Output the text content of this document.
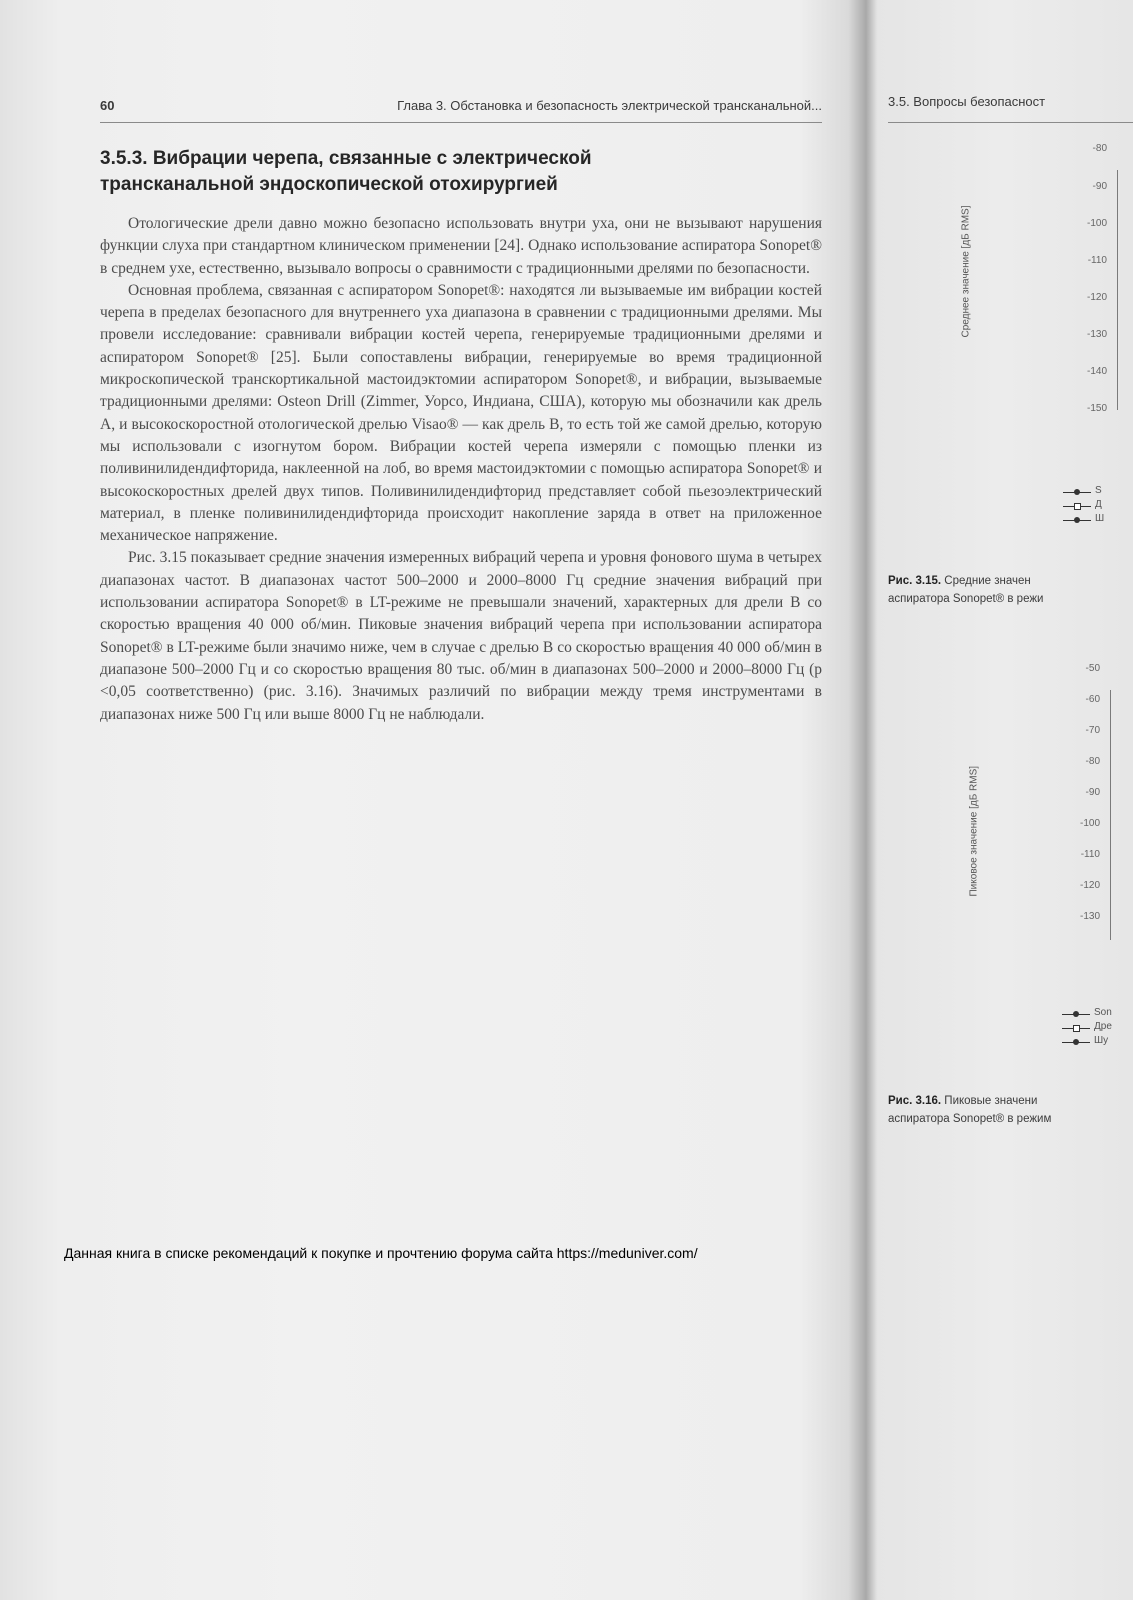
60	Глава 3. Обстановка и безопасность электрической трансканальной...
3.5.3. Вибрации черепа, связанные с электрической
трансканальной эндоскопической отохирургией

Отологические дрели давно можно безопасно использовать внутри уха, они не вызывают нарушения функции слуха при стандартном клиническом применении [24]. Однако использование аспиратора Sonopet® в среднем ухе, естественно, вызывало вопросы о сравнимости с традиционными дрелями по безопасности.

Основная проблема, связанная с аспиратором Sonopet®: находятся ли вызываемые им вибрации костей черепа в пределах безопасного для внутреннего уха диапазона в сравнении с традиционными дрелями. Мы провели исследование: сравнивали вибрации костей черепа, генерируемые традиционными дрелями и аспиратором Sonopet® [25]. Были сопоставлены вибрации, генерируемые во время традиционной микроскопической транскортикальной мастоидэктомии аспиратором Sonopet®, и вибрации, вызываемые традиционными дрелями: Osteon Drill (Zimmer, Уорсо, Индиана, США), которую мы обозначили как дрель A, и высокоскоростной отологической дрелью Visao® — как дрель B, то есть той же самой дрелью, которую мы использовали с изогнутом бором. Вибрации костей черепа измеряли с помощью пленки из поливинилидендифторида, наклеенной на лоб, во время мастоидэктомии с помощью аспиратора Sonopet® и высокоскоростных дрелей двух типов. Поливинилидендифторид представляет собой пьезоэлектрический материал, в пленке поливинилидендифторида происходит накопление заряда в ответ на приложенное механическое напряжение.

Рис. 3.15 показывает средние значения измеренных вибраций черепа и уровня фонового шума в четырех диапазонах частот. В диапазонах частот 500–2000 и 2000–8000 Гц средние значения вибраций при использовании аспиратора Sonopet® в LT-режиме не превышали значений, характерных для дрели B со скоростью вращения 40 000 об/мин. Пиковые значения вибраций черепа при использовании аспиратора Sonopet® в LT-режиме были значимо ниже, чем в случае с дрелью B со скоростью вращения 40 000 об/мин в диапазоне 500–2000 Гц и со скоростью вращения 80 тыс. об/мин в диапазонах 500–2000 и 2000–8000 Гц (p <0,05 соответственно) (рис. 3.16). Значимых различий по вибрации между тремя инструментами в диапазонах ниже 500 Гц или выше 8000 Гц не наблюдали.

Данная книга в списке рекомендаций к покупке и прочтению форума сайта https://meduniver.com/
3.5. Вопросы безопасност
Среднее значение [дБ RMS]
-80
-90
-100
-110
-120
-130
-140
-150
S
Д
Ш
Рис. 3.15. Средние значен
аспиратора Sonopet® в режи
Пиковое значение [дБ RMS]
-50
-60
-70
-80
-90
-100
-110
-120
-130
Son
Дре
Шу
Рис. 3.16. Пиковые значени
аспиратора Sonopet® в режим
